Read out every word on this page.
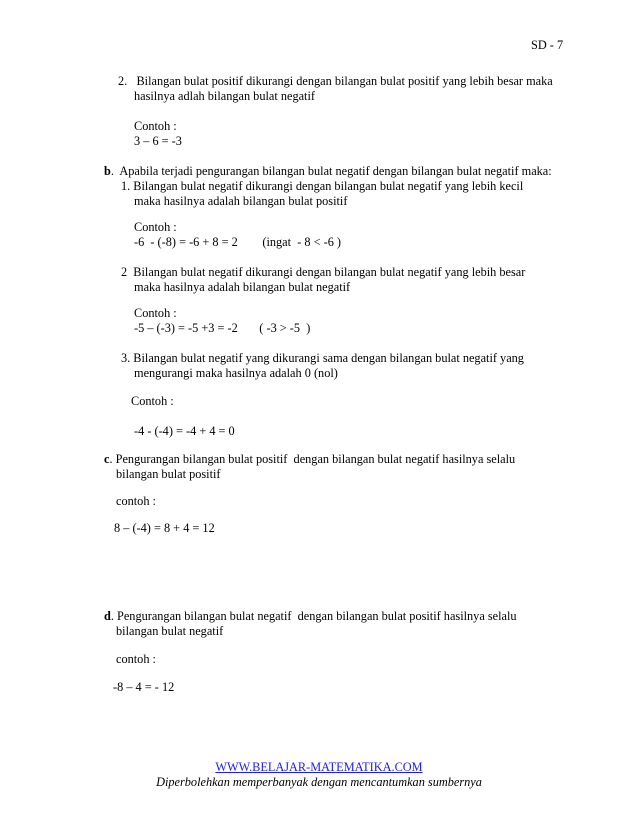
SD - 7
2.   Bilangan bulat positif dikurangi dengan bilangan bulat positif yang lebih besar maka
hasilnya adlah bilangan bulat negatif
Contoh :
3 – 6 = -3
b.  Apabila terjadi pengurangan bilangan bulat negatif dengan bilangan bulat negatif maka:
1. Bilangan bulat negatif dikurangi dengan bilangan bulat negatif yang lebih kecil
maka hasilnya adalah bilangan bulat positif
Contoh :
-6  - (-8) = -6 + 8 = 2        (ingat  - 8 < -6 )
2  Bilangan bulat negatif dikurangi dengan bilangan bulat negatif yang lebih besar
maka hasilnya adalah bilangan bulat negatif
Contoh :
-5 – (-3) = -5 +3 = -2       ( -3 > -5  )
3. Bilangan bulat negatif yang dikurangi sama dengan bilangan bulat negatif yang
mengurangi maka hasilnya adalah 0 (nol)
Contoh :
-4 - (-4) = -4 + 4 = 0
c. Pengurangan bilangan bulat positif  dengan bilangan bulat negatif hasilnya selalu
bilangan bulat positif
contoh :
8 – (-4) = 8 + 4 = 12
d. Pengurangan bilangan bulat negatif  dengan bilangan bulat positif hasilnya selalu
bilangan bulat negatif
contoh :
-8 – 4 = - 12
WWW.BELAJAR-MATEMATIKA.COM
Diperbolehkan memperbanyak dengan mencantumkan sumbernya
